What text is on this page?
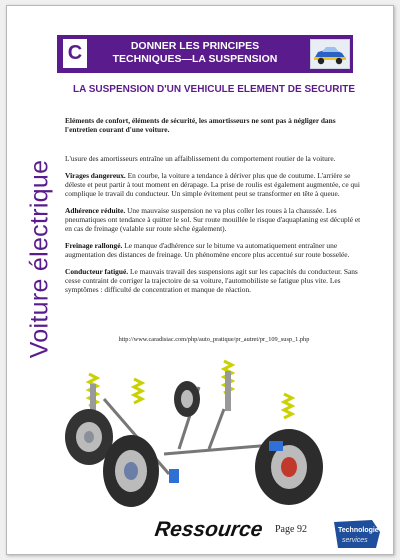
C	DONNER LES PRINCIPES
TECHNIQUES—LA SUSPENSION
Voiture électrique
LA SUSPENSION D'UN VEHICULE ELEMENT DE SECURITE

Eléments de confort, éléments de sécurité, les amortisseurs ne sont pas à négliger dans l'entretien courant d'une voiture.

L'usure des amortisseurs entraîne un affaiblissement du comportement routier de la voiture.

Virages dangereux. En courbe, la voiture a tendance à dériver plus que de coutume. L'arrière se déleste et peut partir à tout moment en dérapage. La prise de roulis est également augmentée, ce qui complique le travail du conducteur. Un simple évitement peut se transformer en tête à queue.

Adhérence réduite. Une mauvaise suspension ne va plus coller les roues à la chaussée. Les pneumatiques ont tendance à quitter le sol. Sur route mouillée le risque d'aquaplaning est décuplé et en cas de freinage (valable sur route sèche également).

Freinage rallongé. Le manque d'adhérence sur le bitume va automatiquement entraîner une augmentation des distances de freinage. Un phénomène encore plus accentué sur route bosselée.

Conducteur fatigué. Le mauvais travail des suspensions agit sur les capacités du conducteur. Sans cesse contraint de corriger la trajectoire de sa voiture, l'automobiliste se fatigue plus vite. Les symptômes : difficulté de concentration et manque de réaction.

http://www.caradisiac.com/php/auto_pratique/pr_autret/pr_109_susp_1.php
Ressource Page 92	Technologie
services
